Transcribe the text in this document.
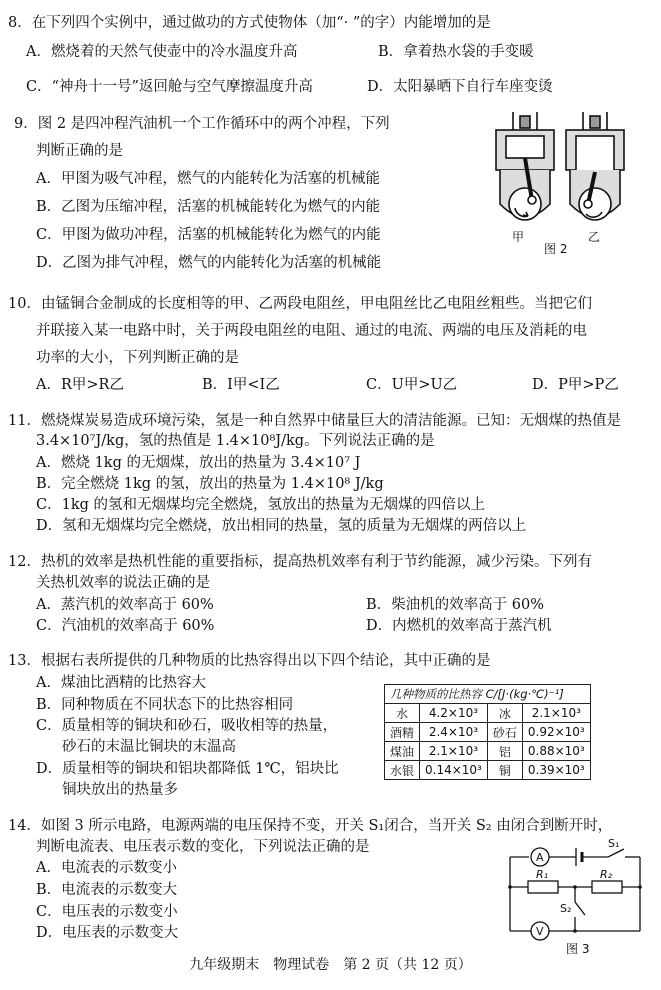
8．在下列四个实例中，通过做功的方式使物体（加“· ”的字）内能增加的是
A．燃烧着的天然气使壶中的冷水温度升高	B．拿着热水袋的手变暖
C．“神舟十一号”返回舱与空气摩擦温度升高	D．太阳暴晒下自行车座变烫
9．图 2 是四冲程汽油机一个工作循环中的两个冲程，下列
判断正确的是
A．甲图为吸气冲程，燃气的内能转化为活塞的机械能
B．乙图为压缩冲程，活塞的机械能转化为燃气的内能
C．甲图为做功冲程，活塞的机械能转化为燃气的内能
D．乙图为排气冲程，燃气的内能转化为活塞的机械能
甲
图 2
乙
10．由锰铜合金制成的长度相等的甲、乙两段电阻丝，甲电阻丝比乙电阻丝粗些。当把它们
并联接入某一电路中时，关于两段电阻丝的电阻、通过的电流、两端的电压及消耗的电
功率的大小，下列判断正确的是
A．R甲>R乙	B．I甲<I乙	C．U甲>U乙	D．P甲>P乙
11．燃烧煤炭易造成环境污染，氢是一种自然界中储量巨大的清洁能源。已知：无烟煤的热值是
3.4×10⁷J/kg，氢的热值是 1.4×10⁸J/kg。下列说法正确的是
A．燃烧 1kg 的无烟煤，放出的热量为 3.4×10⁷ J
B．完全燃烧 1kg 的氢，放出的热量为 1.4×10⁸ J/kg
C．1kg 的氢和无烟煤均完全燃烧，氢放出的热量为无烟煤的四倍以上
D．氢和无烟煤均完全燃烧，放出相同的热量，氢的质量为无烟煤的两倍以上
12．热机的效率是热机性能的重要指标，提高热机效率有利于节约能源，减少污染。下列有
关热机效率的说法正确的是
A．蒸汽机的效率高于 60%	B．柴油机的效率高于 60%
C．汽油机的效率高于 60%	D．内燃机的效率高于蒸汽机
13．根据右表所提供的几种物质的比热容得出以下四个结论，其中正确的是
A．煤油比酒精的比热容大
B．同种物质在不同状态下的比热容相同
C．质量相等的铜块和砂石，吸收相等的热量，
砂石的末温比铜块的末温高
D．质量相等的铜块和铝块都降低 1℃，铝块比
铜块放出的热量多
几种物质的比热容 C/[J·(kg·℃)⁻¹]			
水	4.2×10³	冰	2.1×10³
酒精	2.4×10³	砂石	0.92×10³
煤油	2.1×10³	铝	0.88×10³
水银	0.14×10³	铜	0.39×10³
14．如图 3 所示电路，电源两端的电压保持不变，开关 S₁闭合，当开关 S₂ 由闭合到断开时，
判断电流表、电压表示数的变化，下列说法正确的是
A．电流表的示数变小
B．电流表的示数变大
C．电压表的示数变小
D．电压表的示数变大
A
V
S₁
R₁	R₂
S₂
图 3
九年级期末　物理试卷　第 2 页（共 12 页）
